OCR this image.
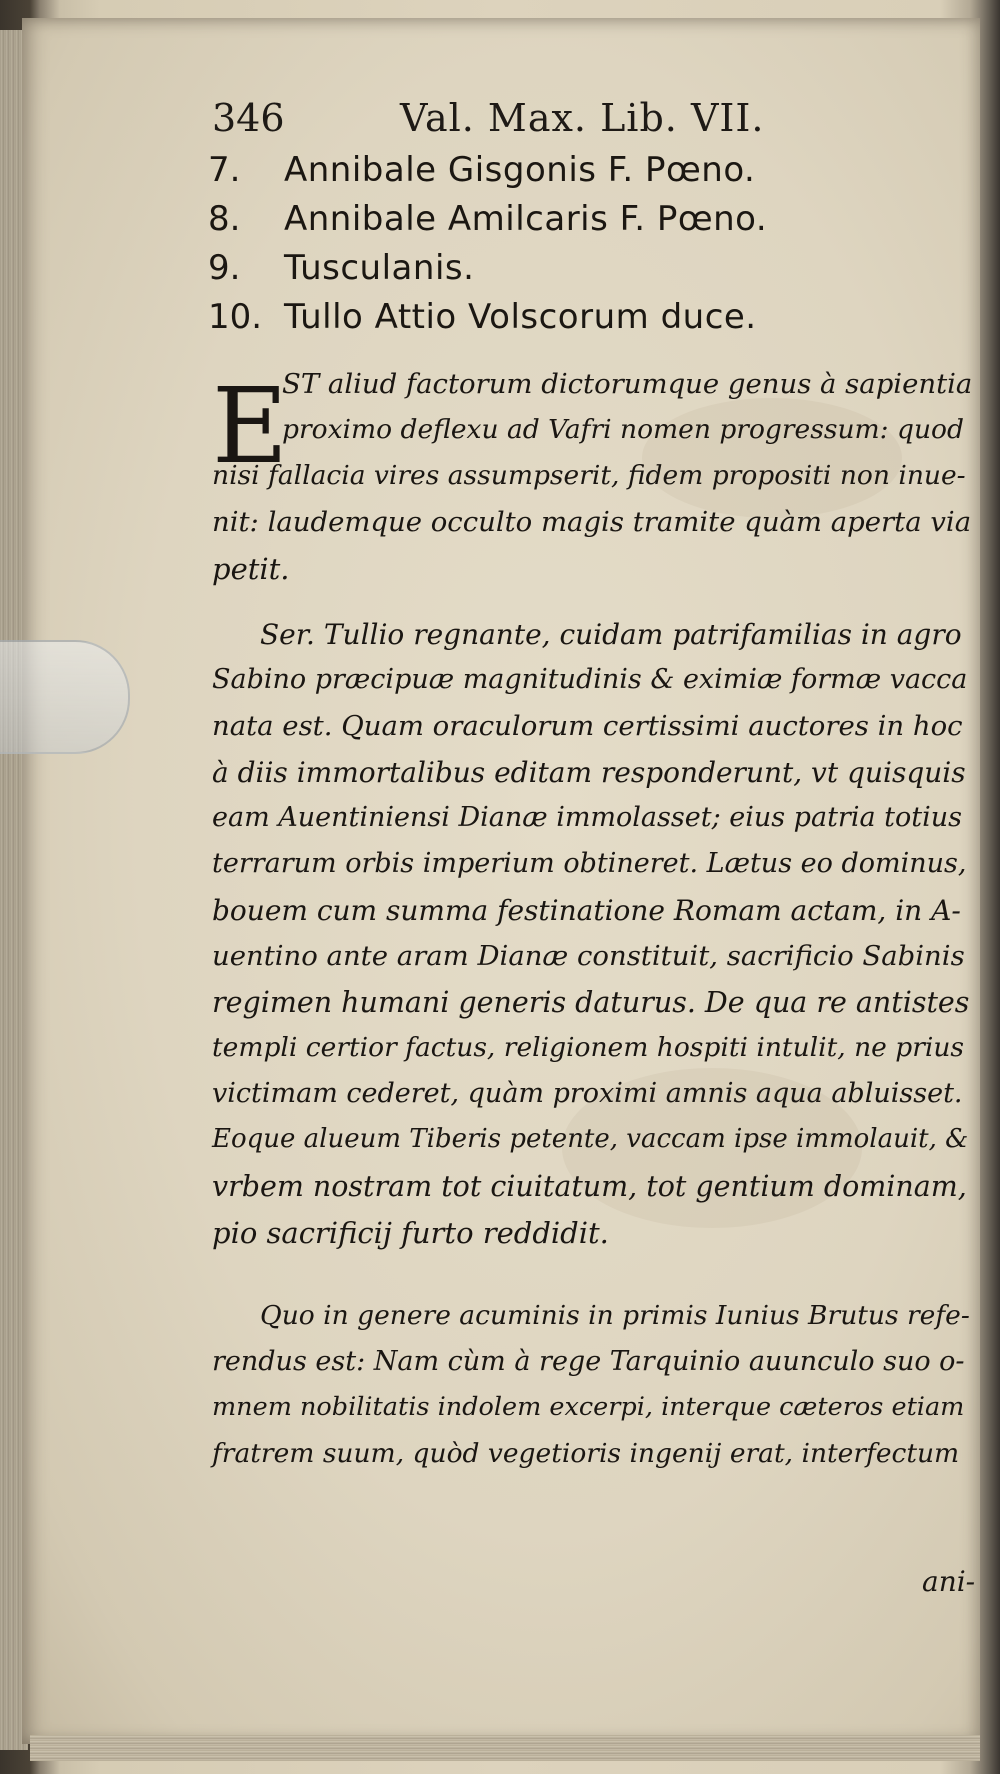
346	Val. Max. Lib. VII.
7.	Annibale Gisgonis F. Pœno.
8.	Annibale Amilcaris F. Pœno.
9.	Tusculanis.
10. Tullo Attio Volscorum duce.
E
ST aliud factorum dictorumque genus à sapientia
proximo deflexu ad Vafri nomen progressum: quod
nisi fallacia vires assumpserit, fidem propositi non inue-
nit: laudemque occulto magis tramite quàm aperta via
petit.
Ser. Tullio regnante, cuidam patrifamilias in agro
Sabino præcipuæ magnitudinis & eximiæ formæ vacca
nata est. Quam oraculorum certissimi auctores in hoc
à diis immortalibus editam responderunt, vt quisquis
eam Auentiniensi Dianæ immolasset; eius patria totius
terrarum orbis imperium obtineret. Lætus eo dominus,
bouem cum summa festinatione Romam actam, in A-
uentino ante aram Dianæ constituit, sacrificio Sabinis
regimen humani generis daturus. De qua re antistes
templi certior factus, religionem hospiti intulit, ne prius
victimam cederet, quàm proximi amnis aqua abluisset.
Eoque alueum Tiberis petente, vaccam ipse immolauit, &
vrbem nostram tot ciuitatum, tot gentium dominam,
pio sacrificij furto reddidit.
Quo in genere acuminis in primis Iunius Brutus refe-
rendus est: Nam cùm à rege Tarquinio auunculo suo o-
mnem nobilitatis indolem excerpi, interque cæteros etiam
fratrem suum, quòd vegetioris ingenij erat, interfectum
ani-
